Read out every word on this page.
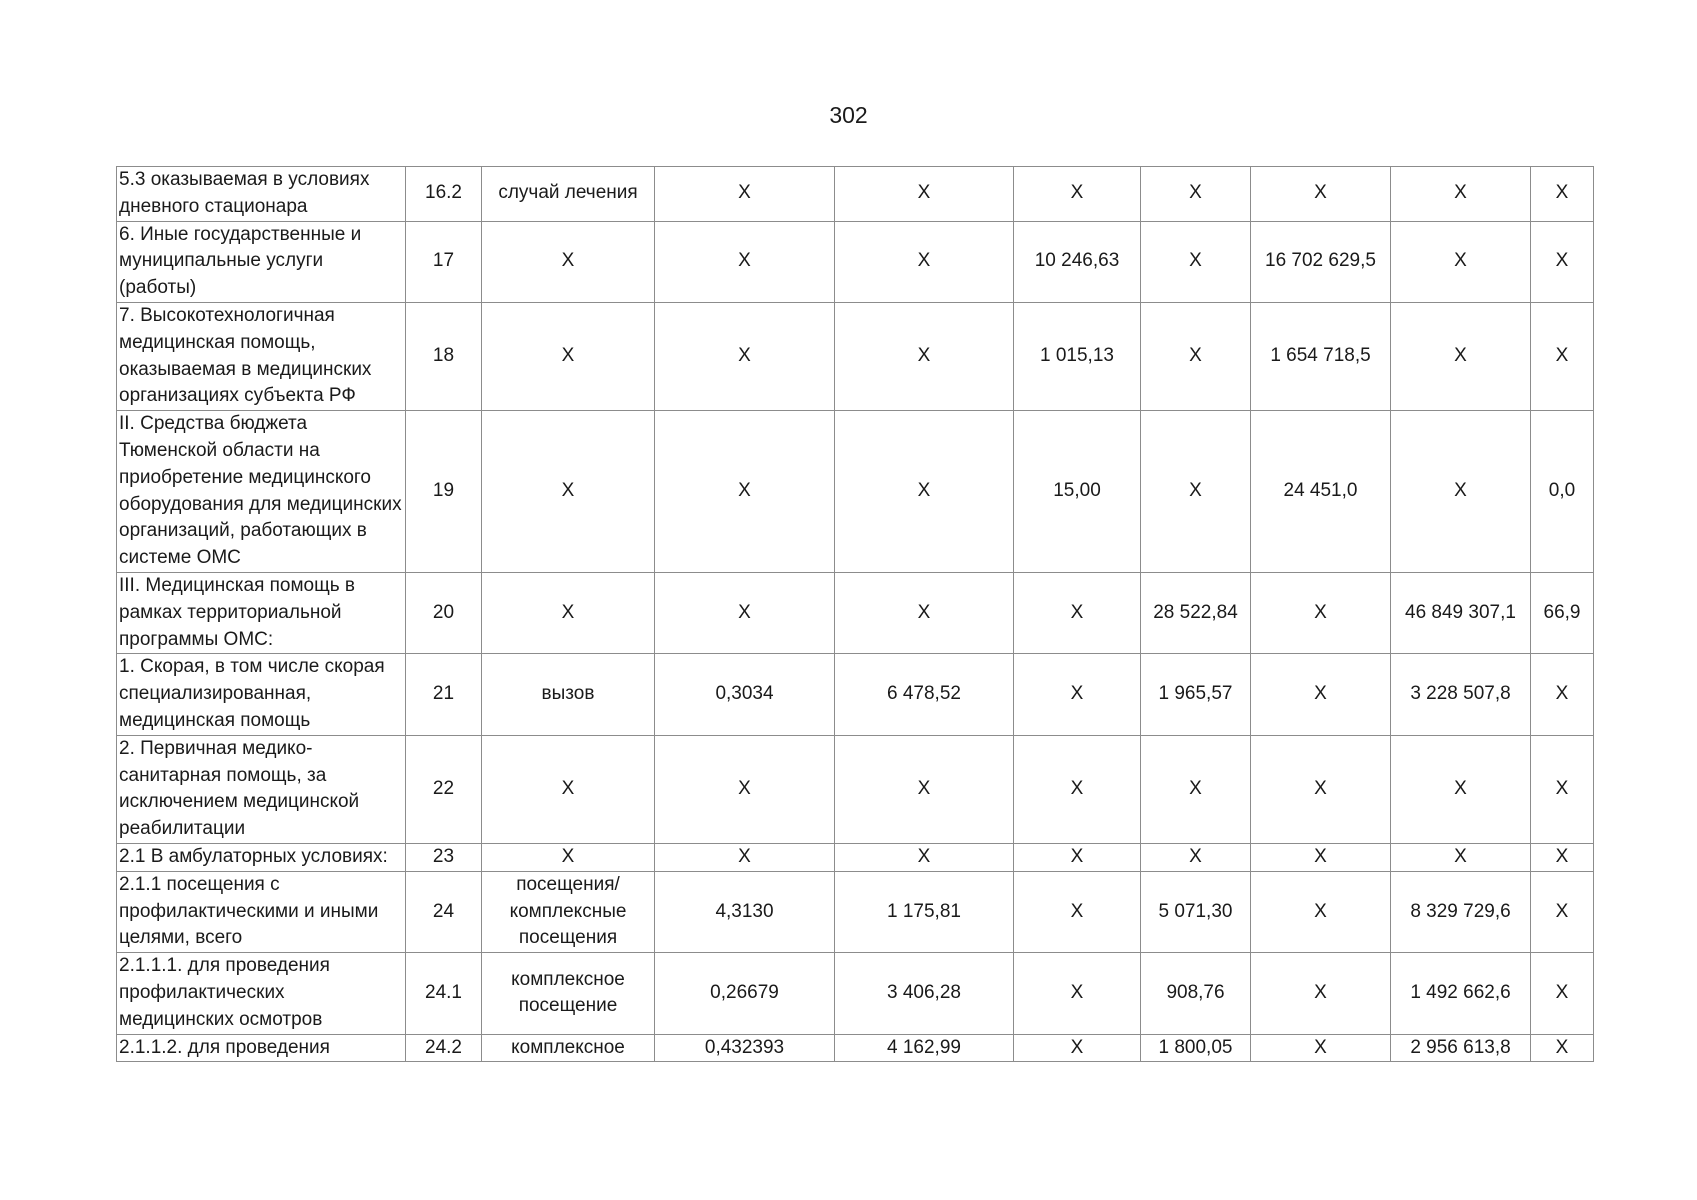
302
5.3 оказываемая в условиях дневного стационара	16.2	случай лечения	Х	Х	Х	Х	Х	Х	Х
6. Иные государственные и муниципальные услуги (работы)	17	Х	Х	Х	10 246,63	Х	16 702 629,5	Х	Х
7. Высокотехнологичная медицинская помощь, оказываемая в медицинских организациях субъекта РФ	18	Х	Х	Х	1 015,13	Х	1 654 718,5	Х	Х
II. Средства бюджета Тюменской области на приобретение медицинского оборудования для медицинских организаций, работающих в системе ОМС	19	Х	Х	Х	15,00	Х	24 451,0	Х	0,0
III. Медицинская помощь в рамках территориальной программы ОМС:	20	Х	Х	Х	Х	28 522,84	Х	46 849 307,1	66,9
1. Скорая, в том числе скорая специализированная, медицинская помощь	21	вызов	0,3034	6 478,52	Х	1 965,57	Х	3 228 507,8	Х
2. Первичная медико-санитарная помощь, за исключением медицинской реабилитации	22	Х	Х	Х	Х	Х	Х	Х	Х
2.1 В амбулаторных условиях:	23	Х	Х	Х	Х	Х	Х	Х	Х
2.1.1 посещения с профилактическими и иными целями, всего	24	посещения/ комплексные посещения	4,3130	1 175,81	Х	5 071,30	Х	8 329 729,6	Х
2.1.1.1. для проведения профилактических медицинских осмотров	24.1	комплексное посещение	0,26679	3 406,28	Х	908,76	Х	1 492 662,6	Х
2.1.1.2. для проведения	24.2	комплексное	0,432393	4 162,99	Х	1 800,05	Х	2 956 613,8	Х
